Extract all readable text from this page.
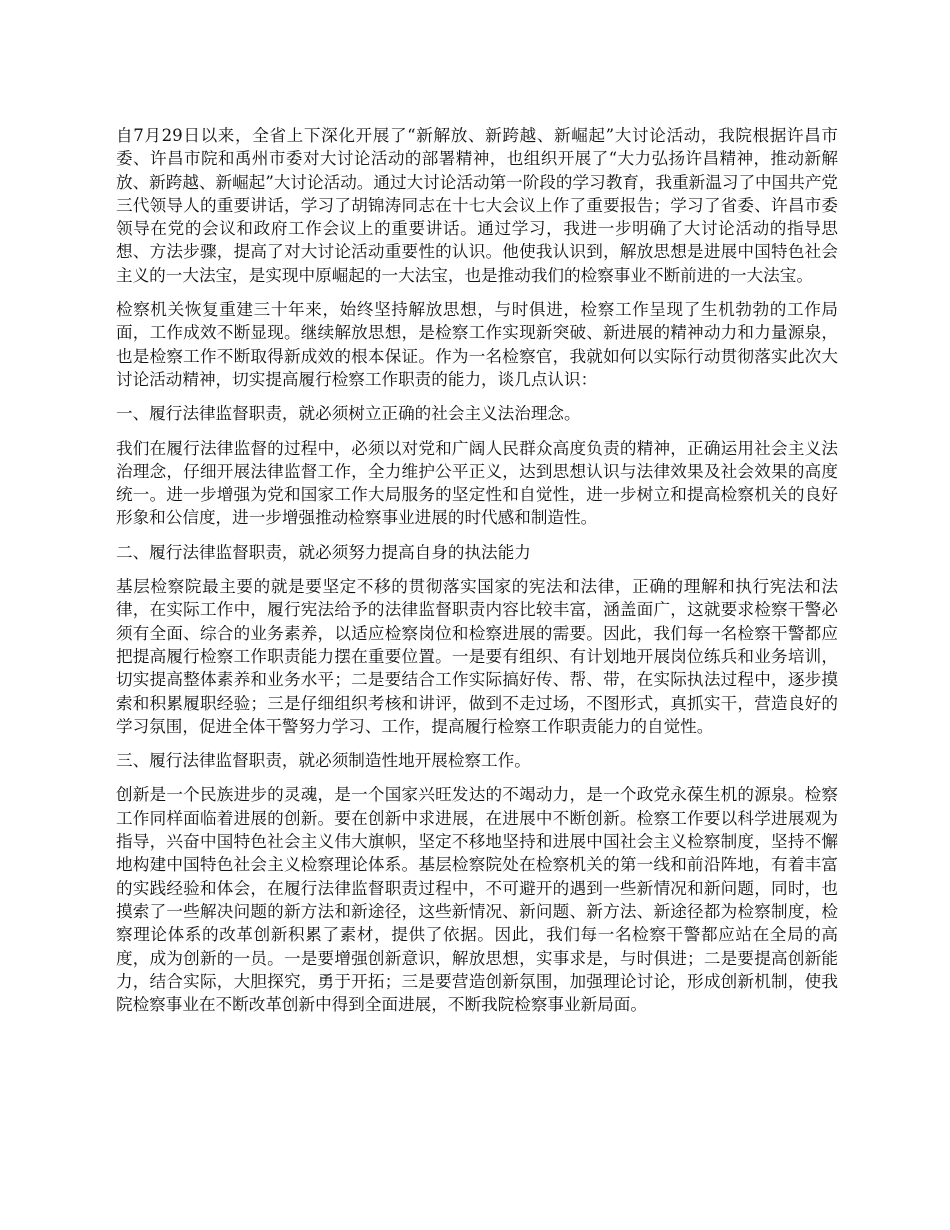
自7月29日以来，全省上下深化开展了“新解放、新跨越、新崛起”大讨论活动，我院根据许昌市委、许昌市院和禹州市委对大讨论活动的部署精神，也组织开展了“大力弘扬许昌精神，推动新解放、新跨越、新崛起”大讨论活动。通过大讨论活动第一阶段的学习教育，我重新温习了中国共产党三代领导人的重要讲话，学习了胡锦涛同志在十七大会议上作了重要报告；学习了省委、许昌市委领导在党的会议和政府工作会议上的重要讲话。通过学习，我进一步明确了大讨论活动的指导思想、方法步骤，提高了对大讨论活动重要性的认识。他使我认识到，解放思想是进展中国特色社会主义的一大法宝，是实现中原崛起的一大法宝，也是推动我们的检察事业不断前进的一大法宝。

检察机关恢复重建三十年来，始终坚持解放思想，与时俱进，检察工作呈现了生机勃勃的工作局面，工作成效不断显现。继续解放思想，是检察工作实现新突破、新进展的精神动力和力量源泉，也是检察工作不断取得新成效的根本保证。作为一名检察官，我就如何以实际行动贯彻落实此次大讨论活动精神，切实提高履行检察工作职责的能力，谈几点认识：

一、履行法律监督职责，就必须树立正确的社会主义法治理念。

我们在履行法律监督的过程中，必须以对党和广阔人民群众高度负责的精神，正确运用社会主义法治理念，仔细开展法律监督工作，全力维护公平正义，达到思想认识与法律效果及社会效果的高度统一。进一步增强为党和国家工作大局服务的坚定性和自觉性，进一步树立和提高检察机关的良好形象和公信度，进一步增强推动检察事业进展的时代感和制造性。

二、履行法律监督职责，就必须努力提高自身的执法能力

基层检察院最主要的就是要坚定不移的贯彻落实国家的宪法和法律，正确的理解和执行宪法和法律，在实际工作中，履行宪法给予的法律监督职责内容比较丰富，涵盖面广，这就要求检察干警必须有全面、综合的业务素养，以适应检察岗位和检察进展的需要。因此，我们每一名检察干警都应把提高履行检察工作职责能力摆在重要位置。一是要有组织、有计划地开展岗位练兵和业务培训，切实提高整体素养和业务水平；二是要结合工作实际搞好传、帮、带，在实际执法过程中，逐步摸索和积累履职经验；三是仔细组织考核和讲评，做到不走过场，不图形式，真抓实干，营造良好的学习氛围，促进全体干警努力学习、工作，提高履行检察工作职责能力的自觉性。

三、履行法律监督职责，就必须制造性地开展检察工作。

创新是一个民族进步的灵魂，是一个国家兴旺发达的不竭动力，是一个政党永葆生机的源泉。检察工作同样面临着进展的创新。要在创新中求进展，在进展中不断创新。检察工作要以科学进展观为指导，兴奋中国特色社会主义伟大旗帜，坚定不移地坚持和进展中国社会主义检察制度，坚持不懈地构建中国特色社会主义检察理论体系。基层检察院处在检察机关的第一线和前沿阵地，有着丰富的实践经验和体会，在履行法律监督职责过程中，不可避开的遇到一些新情况和新问题，同时，也摸索了一些解决问题的新方法和新途径，这些新情况、新问题、新方法、新途径都为检察制度，检察理论体系的改革创新积累了素材，提供了依据。因此，我们每一名检察干警都应站在全局的高度，成为创新的一员。一是要增强创新意识，解放思想，实事求是，与时俱进；二是要提高创新能力，结合实际，大胆探究，勇于开拓；三是要营造创新氛围，加强理论讨论，形成创新机制，使我院检察事业在不断改革创新中得到全面进展，不断我院检察事业新局面。
